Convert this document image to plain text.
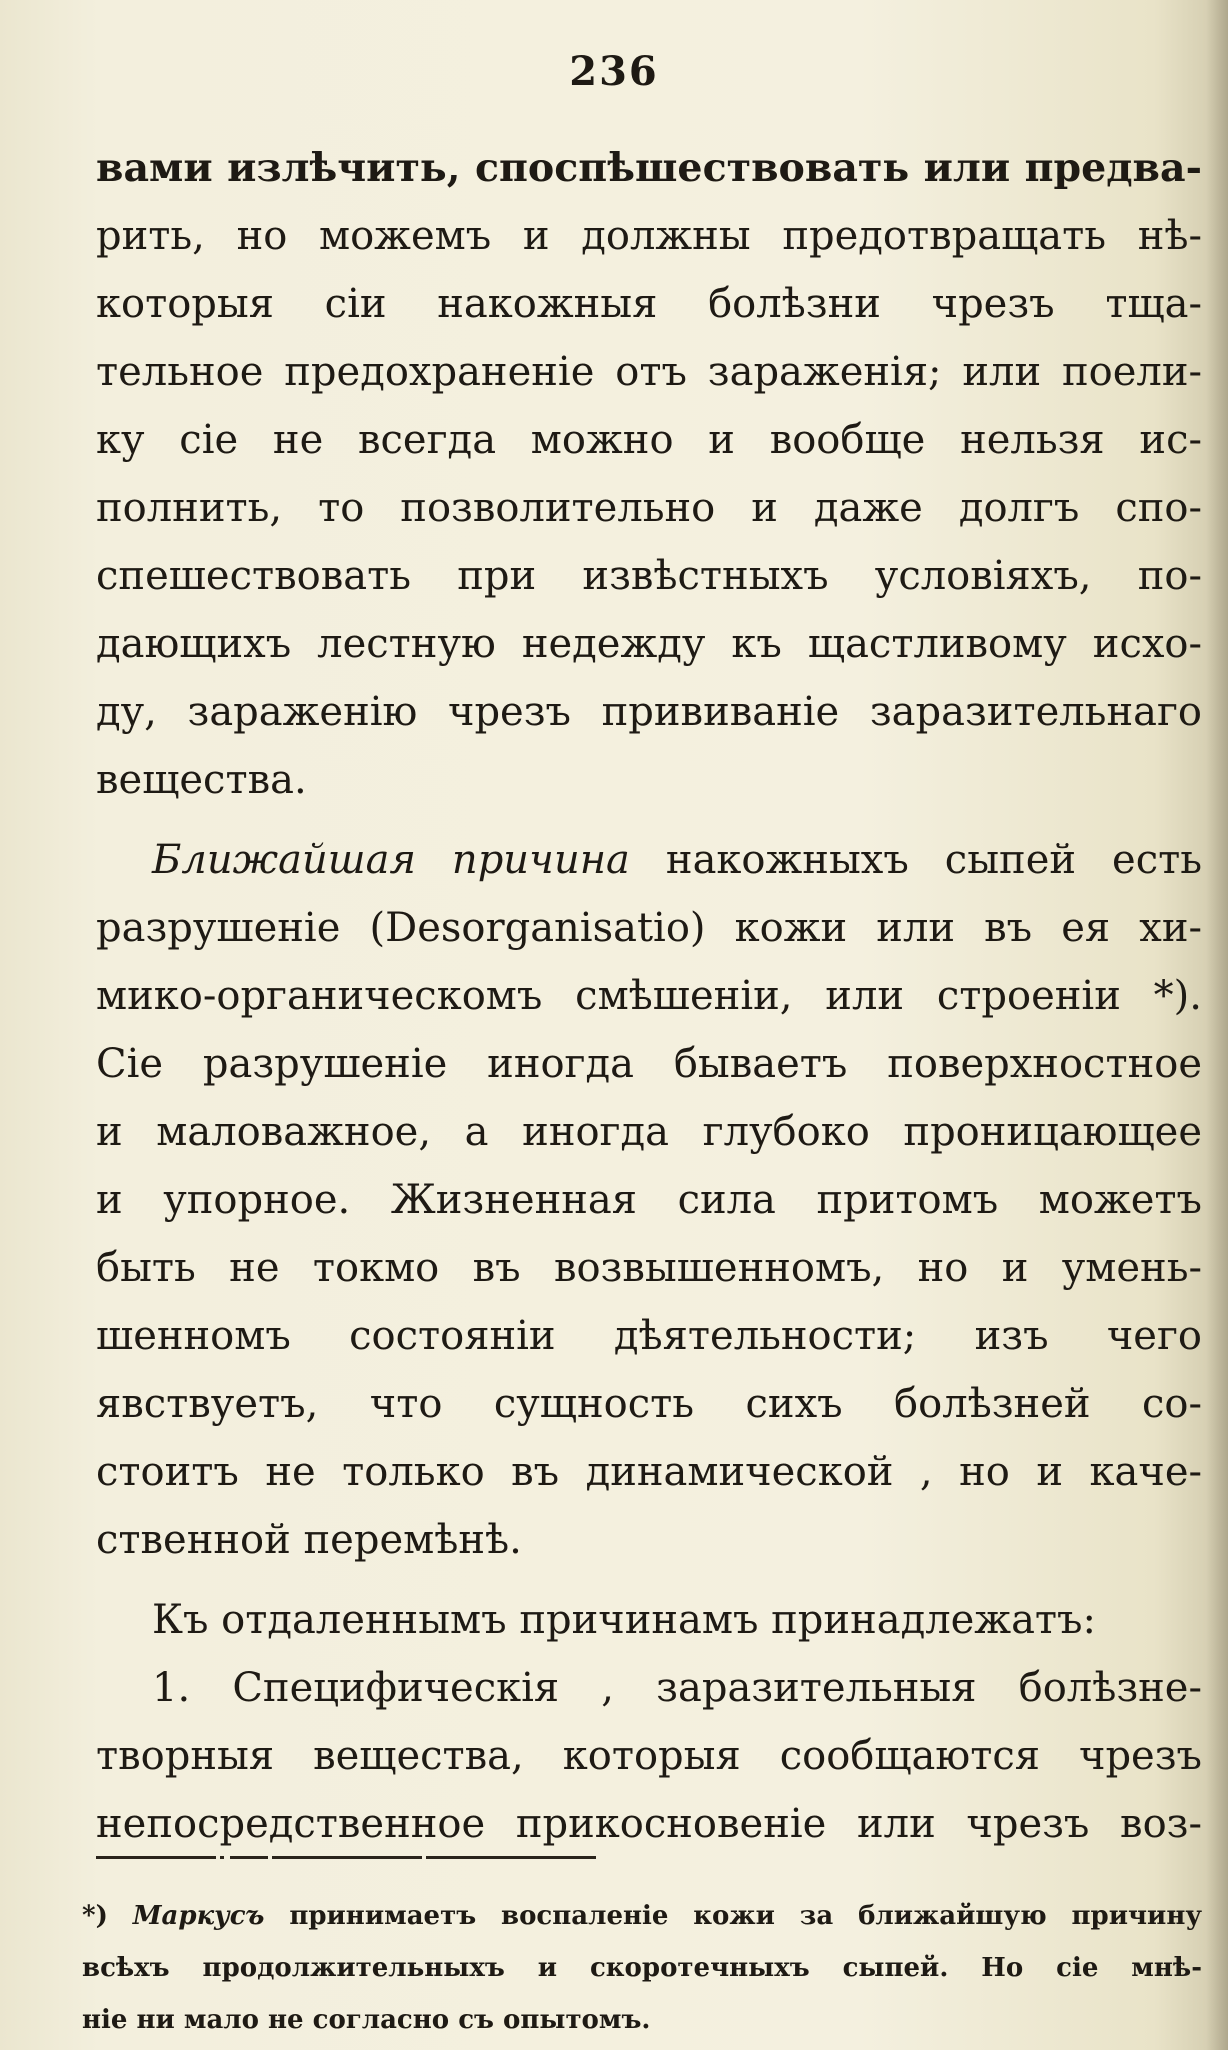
236
вами излѣчить, споспѣшествовать или предва-
рить, но можемъ и должны предотвращать нѣ-
которыя сіи накожныя болѣзни чрезъ тща-
тельное предохраненіе отъ зараженія; или поели-
ку сіе не всегда можно и вообще нельзя ис-
полнить, то позволительно и даже долгъ спо-
спешествовать при извѣстныхъ условіяхъ, по-
дающихъ лестную недежду къ щастливому исхо-
ду, зараженію чрезъ прививаніе заразительнаго
вещества.
Ближайшая причина накожныхъ сыпей есть
разрушеніе (Desorganisatio) кожи или въ ея хи-
мико-органическомъ смѣшеніи, или строеніи *).
Сіе разрушеніе иногда бываетъ поверхностное
и маловажное, а иногда глубоко проницающее
и упорное. Жизненная сила притомъ можетъ
быть не токмо въ возвышенномъ, но и умень-
шенномъ состояніи дѣятельности; изъ чего
явствуетъ, что сущность сихъ болѣзней со-
стоитъ не только въ динамической , но и каче-
ственной перемѣнѣ.
Къ отдаленнымъ причинамъ принадлежатъ:
1. Специфическія , заразительныя болѣзне-
творныя вещества, которыя сообщаются чрезъ
непосредственное прикосновеніе или чрезъ воз-
*) Маркусъ принимаетъ воспаленіе кожи за ближайшую причину
всѣхъ продолжительныхъ и скоротечныхъ сыпей. Но сіе мнѣ-
ніе ни мало не согласно съ опытомъ.
